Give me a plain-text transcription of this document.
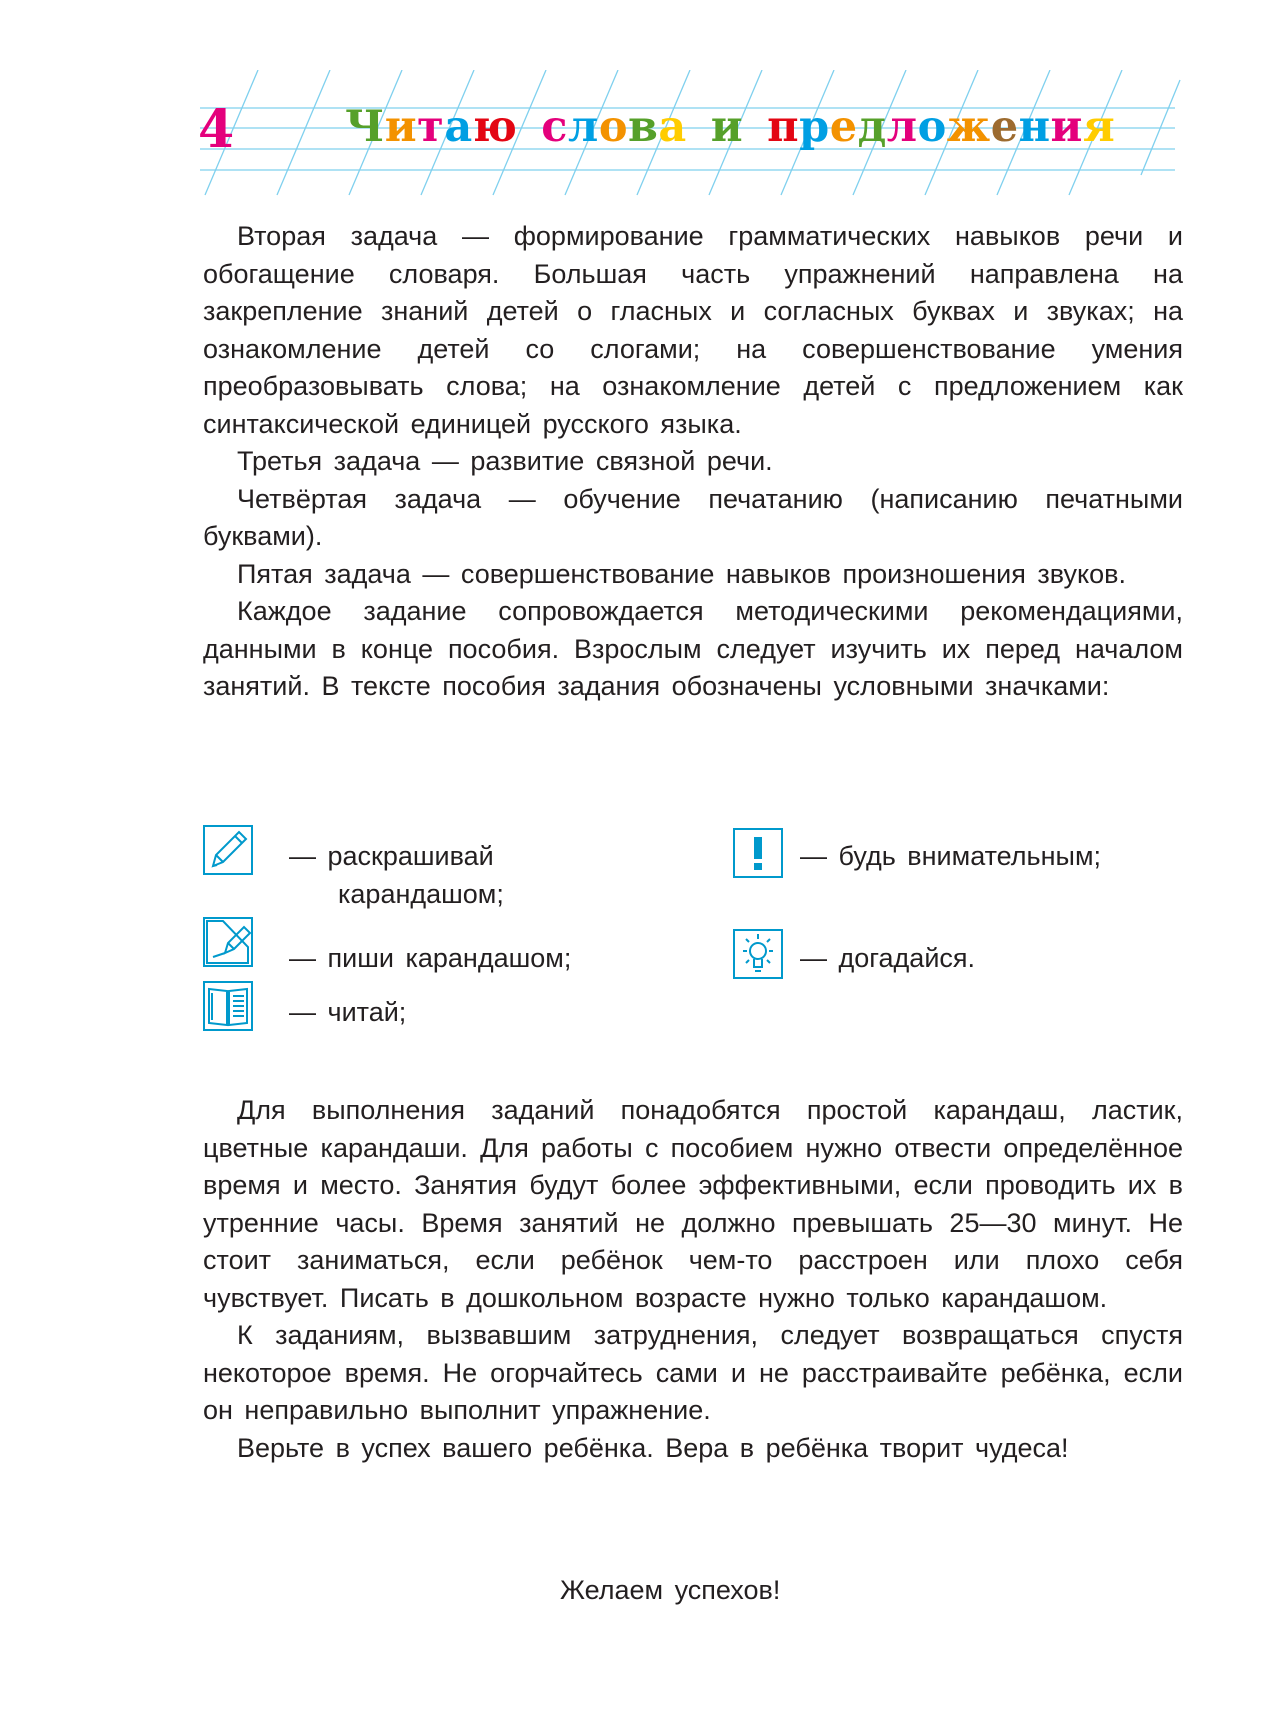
4	Читаю слова и предложения

Вторая задача — формирование грамматических навыков речи и обогащение словаря. Большая часть упражнений направлена на закрепление знаний детей о гласных и согласных буквах и звуках; на ознакомление детей со слогами; на совершенствование умения преобразовывать слова; на ознакомление детей с предложением как синтаксической единицей русского языка.

Третья задача — развитие связной речи.

Четвёртая задача — обучение печатанию (написанию печатными буквами).

Пятая задача — совершенствование навыков произношения звуков.

Каждое задание сопровождается методическими рекомендациями, данными в конце пособия. Взрослым следует изучить их перед началом занятий. В тексте пособия задания обозначены условными значками:

— раскрашивай
карандашом;
— будь внимательным;
— пиши карандашом;	— догадайся.
— читай;

Для выполнения заданий понадобятся простой карандаш, ластик, цветные карандаши. Для работы с пособием нужно отвести определённое время и место. Занятия будут более эффективными, если проводить их в утренние часы. Время занятий не должно превышать 25—30 минут. Не стоит заниматься, если ребёнок чем-то расстроен или плохо себя чувствует. Писать в дошкольном возрасте нужно только карандашом.

К заданиям, вызвавшим затруднения, следует возвращаться спустя некоторое время. Не огорчайтесь сами и не расстраивайте ребёнка, если он неправильно выполнит упражнение.

Верьте в успех вашего ребёнка. Вера в ребёнка творит чудеса!

Желаем успехов!
